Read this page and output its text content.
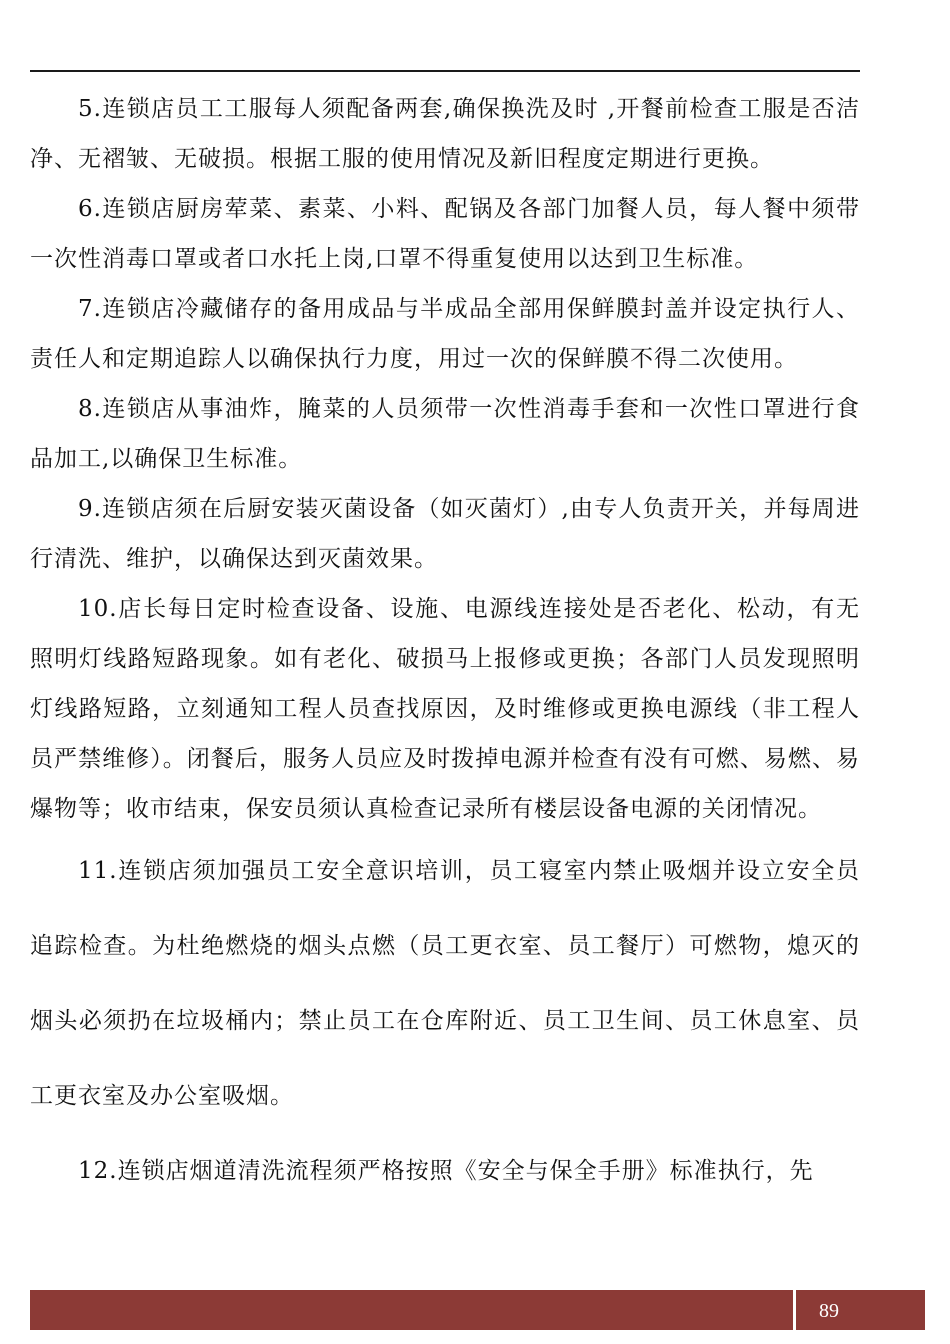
5.连锁店员工工服每人须配备两套,确保换洗及时 ,开餐前检查工服是否洁净、无褶皱、无破损。根据工服的使用情况及新旧程度定期进行更换。

6.连锁店厨房荤菜、素菜、小料、配锅及各部门加餐人员，每人餐中须带一次性消毒口罩或者口水托上岗,口罩不得重复使用以达到卫生标准。

7.连锁店冷藏储存的备用成品与半成品全部用保鲜膜封盖并设定执行人、责任人和定期追踪人以确保执行力度，用过一次的保鲜膜不得二次使用。

8.连锁店从事油炸，腌菜的人员须带一次性消毒手套和一次性口罩进行食品加工,以确保卫生标准。

9.连锁店须在后厨安装灭菌设备（如灭菌灯）,由专人负责开关，并每周进行清洗、维护，以确保达到灭菌效果。

10.店长每日定时检查设备、设施、电源线连接处是否老化、松动，有无照明灯线路短路现象。如有老化、破损马上报修或更换；各部门人员发现照明灯线路短路，立刻通知工程人员查找原因，及时维修或更换电源线（非工程人员严禁维修）。闭餐后，服务人员应及时拨掉电源并检查有没有可燃、易燃、易爆物等；收市结束，保安员须认真检查记录所有楼层设备电源的关闭情况。

11.连锁店须加强员工安全意识培训，员工寝室内禁止吸烟并设立安全员追踪检查。为杜绝燃烧的烟头点燃（员工更衣室、员工餐厅）可燃物，熄灭的烟头必须扔在垃圾桶内；禁止员工在仓库附近、员工卫生间、员工休息室、员工更衣室及办公室吸烟。

12.连锁店烟道清洗流程须严格按照《安全与保全手册》标准执行，先

89
